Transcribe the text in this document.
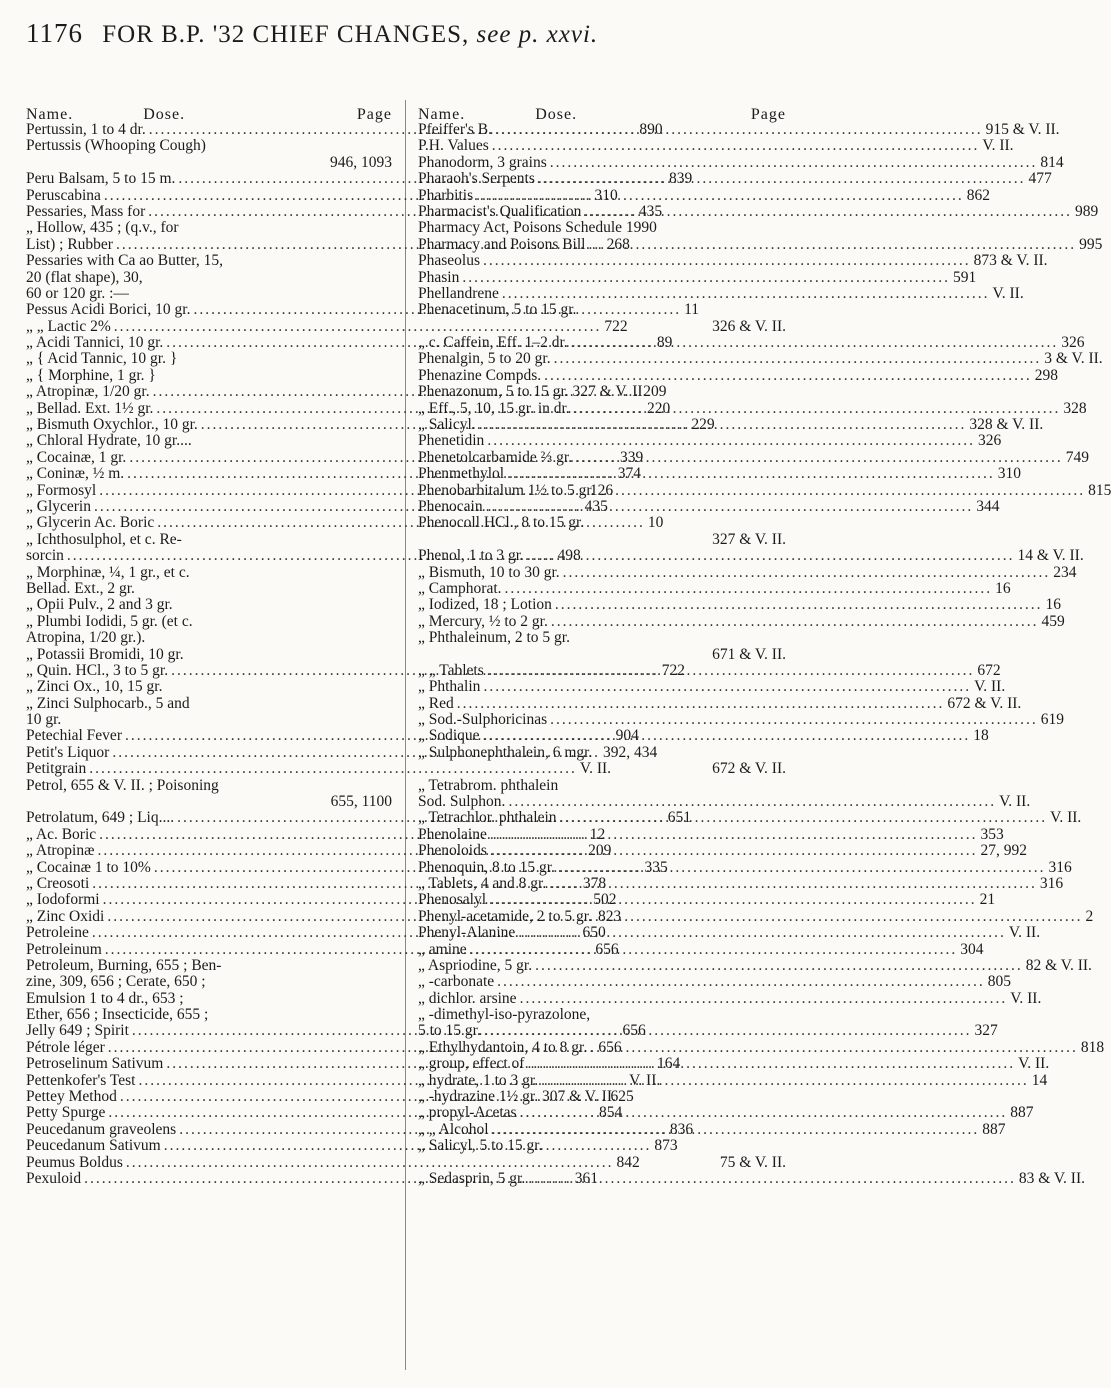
1176 FOR B.P. '32 CHIEF CHANGES, see p. xxvi.
Name.	Dose.	Page
Pertussin, 1 to 4 dr. .....	890
Pertussis (Whooping Cough)
946, 1093
Peru Balsam, 5 to 15 m. .....	839
Peruscabina .....	310
Pessaries, Mass for .....	435
„ Hollow, 435 ; (q.v., for
List) ; Rubber .....	268
Pessaries with Ca ao Butter, 15,
20 (flat shape), 30,
60 or 120 gr. :—
Pessus Acidi Borici, 10 gr. .....	11
„ „ Lactic 2% .....	722
„ Acidi Tannici, 10 gr. .....	89
„ { Acid Tannic, 10 gr. }
„ { Morphine, 1 gr. }
„ Atropinæ, 1/20 gr. .....	209
„ Bellad. Ext. 1½ gr. .....	220
„ Bismuth Oxychlor., 10 gr. .....	229
„ Chloral Hydrate, 10 gr....
„ Cocainæ, 1 gr. .....	339
„ Coninæ, ½ m. .....	374
„ Formosyl .....	126
„ Glycerin .....	435
„ Glycerin Ac. Boric .....	10
„ Ichthosulphol, et c. Re-
sorcin .....	498
„ Morphinæ, ¼, 1 gr., et c.
Bellad. Ext., 2 gr.
„ Opii Pulv., 2 and 3 gr.
„ Plumbi Iodidi, 5 gr. (et c.
Atropina, 1/20 gr.).
„ Potassii Bromidi, 10 gr.
„ Quin. HCl., 3 to 5 gr. .....	722
„ Zinci Ox., 10, 15 gr.
„ Zinci Sulphocarb., 5 and
10 gr.
Petechial Fever .....	904
Petit's Liquor .....	392, 434
Petitgrain .....	V. II.
Petrol, 655 & V. II. ; Poisoning
655, 1100
Petrolatum, 649 ; Liq.... .....	651
„ Ac. Boric .....	12
„ Atropinæ .....	209
„ Cocainæ 1 to 10% .....	335
„ Creosoti .....	378
„ Iodoformi .....	502
„ Zinc Oxidi .....	823
Petroleine .....	650
Petroleinum .....	656
Petroleum, Burning, 655 ; Ben-
zine, 309, 656 ; Cerate, 650 ;
Emulsion 1 to 4 dr., 653 ;
Ether, 656 ; Insecticide, 655 ;
Jelly 649 ; Spirit .....	656
Pétrole léger .....	656
Petroselinum Sativum .....	164
Pettenkofer's Test .....	V. II.
Pettey Method .....	625
Petty Spurge .....	854
Peucedanum graveolens .....	836
Peucedanum Sativum .....	873
Peumus Boldus .....	842
Pexuloid .....	361
Name.	Dose.	Page
Pfeiffer's B. .....	915 & V. II.
P.H. Values .....	V. II.
Phanodorm, 3 grains .....	814
Pharaoh's Serpents .....	477
Pharbitis .....	862
Pharmacist's Qualification .....	989
Pharmacy Act, Poisons Schedule 1990
Pharmacy and Poisons Bill .....	995
Phaseolus .....	873 & V. II.
Phasin .....	591
Phellandrene .....	V. II.
Phenacetinum, 5 to 15 gr.
326 & V. II.
„ c. Caffein, Eff. 1–2 dr. .....	326
Phenalgin, 5 to 20 gr. .....	3 & V. II.
Phenazine Compds. .....	298
Phenazonum, 5 to 15 gr. 327 & V. II.
„ Eff., 5, 10, 15 gr. in dr. .....	328
„ Salicyl. .....	328 & V. II.
Phenetidin .....	326
Phenetolcarbamide ⅔ gr. .....	749
Phenmethylol .....	310
Phenobarbitalum 1½ to 5 gr. .....	815
Phenocain .....	344
Phenocoll HCl., 8 to 15 gr.
327 & V. II.
Phenol, 1 to 3 gr. .....	14 & V. II.
„ Bismuth, 10 to 30 gr. .....	234
„ Camphorat. .....	16
„ Iodized, 18 ; Lotion .....	16
„ Mercury, ½ to 2 gr. .....	459
„ Phthaleinum, 2 to 5 gr.
671 & V. II.
„ „ Tablets .....	672
„ Phthalin .....	V. II.
„ Red .....	672 & V. II.
„ Sod.-Sulphoricinas .....	619
„ Sodique .....	18
„ Sulphonephthalein, 6 mgr.
672 & V. II.
„ Tetrabrom. phthalein
Sod. Sulphon. .....	V. II.
„ Tetrachlor. phthalein .....	V. II.
Phenolaine .....	353
Phenoloids .....	27, 992
Phenoquin, 8 to 15 gr. .....	316
„ Tablets, 4 and 8 gr. .....	316
Phenosalyl .....	21
Phenyl-acetamide, 2 to 5 gr. .....	2
Phenyl-Alanine .....	V. II.
„ amine .....	304
„ Aspriodine, 5 gr. .....	82 & V. II.
„ -carbonate .....	805
„ dichlor. arsine .....	V. II.
„ -dimethyl-iso-pyrazolone,
5 to 15 gr. .....	327
„ Ethylhydantoin, 4 to 8 gr. .....	818
„ group, effect of .....	V. II.
„ hydrate, 1 to 3 gr. .....	14
„ -hydrazine 1½ gr. 307 & V. II.
„ propyl-Acetas .....	887
„ „ Alcohol .....	887
„ Salicyl, 5 to 15 gr.
75 & V. II.
„ Sedasprin, 5 gr. .....	83 & V. II.
